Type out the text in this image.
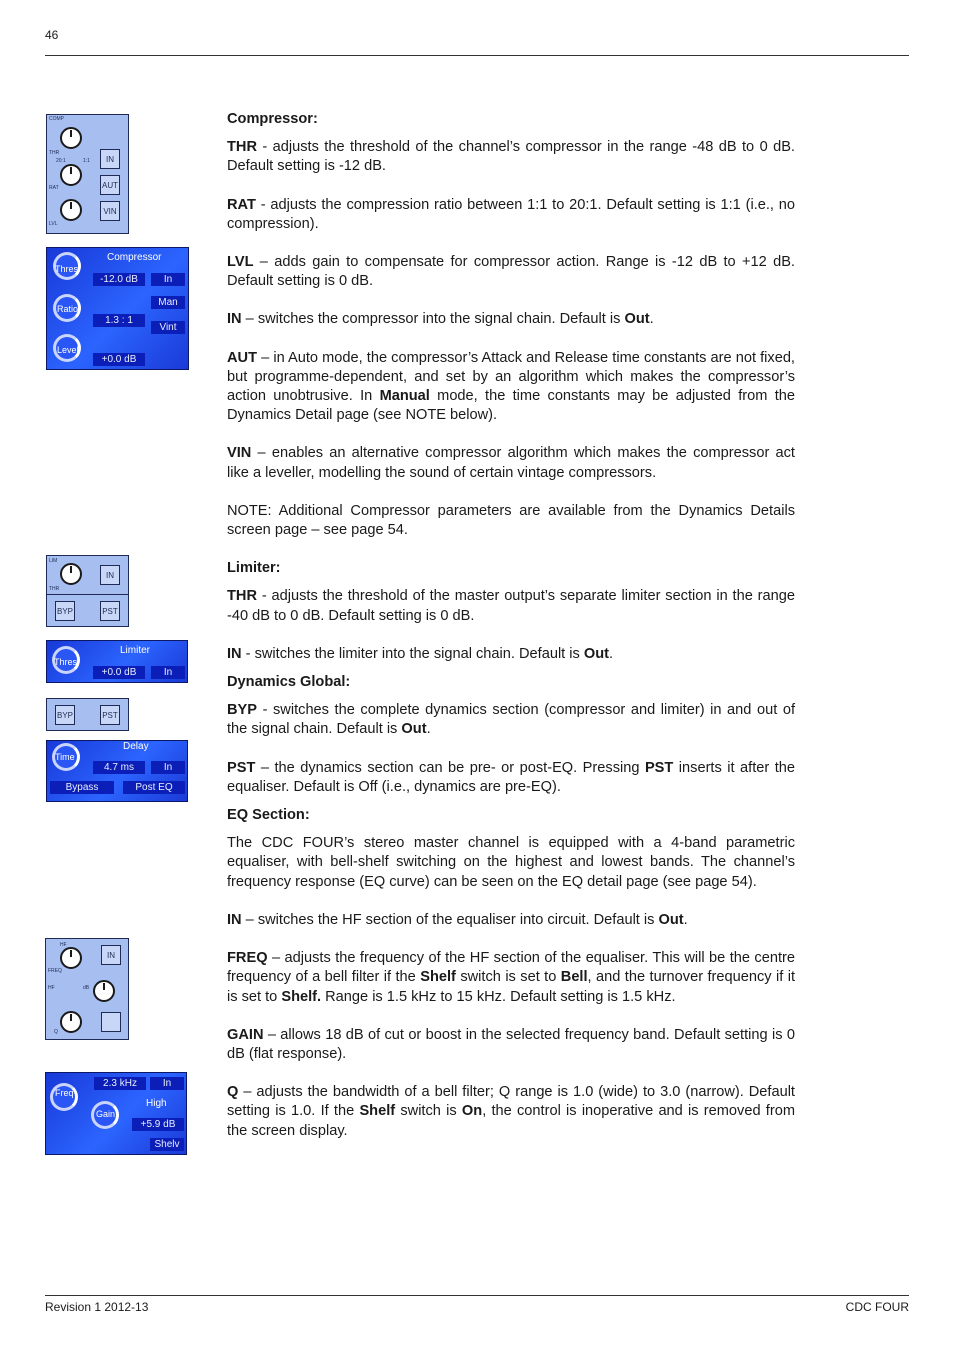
46
COMP
THR
20:1	1:1
RAT
LVL
IN
AUT
VIN
Compressor
Thres
-12.0 dB	In
Man
Ratio
1.3 : 1
Vint
Level
+0.0 dB
LIM
THR
IN
BYP	PST
Limiter
Thres
+0.0 dB	In
BYP	PST
Delay
Time
4.7 ms	In
Bypass	Post EQ
HF
FREQ
HF	dB
Q
IN
2.3 kHz	In
Freq
Gain
High
+5.9 dB
Shelv
Compressor:

THR - adjusts the threshold of the channel’s compressor in the range -48 dB to 0 dB. Default setting is -12 dB.

RAT - adjusts the compression ratio between 1:1 to 20:1. Default setting is 1:1 (i.e., no compression).

LVL – adds gain to compensate for compressor action. Range is -12 dB to +12 dB. Default setting is 0 dB.

IN – switches the compressor into the signal chain. Default is Out.

AUT – in Auto mode, the compressor’s Attack and Release time constants are not fixed, but programme-dependent, and set by an algorithm which makes the compressor’s action unobtrusive. In Manual mode, the time constants may be adjusted from the Dynamics Detail page (see NOTE below).

VIN – enables an alternative compressor algorithm which makes the compressor act like a leveller, modelling the sound of certain vintage compressors.

NOTE: Additional Compressor parameters are available from the Dynamics Details screen page – see page 54.

Limiter:

THR - adjusts the threshold of the master output’s separate limiter section in the range -40 dB to 0 dB. Default setting is 0 dB.

IN - switches the limiter into the signal chain. Default is Out.

Dynamics Global:

BYP - switches the complete dynamics section (compressor and limiter) in and out of the signal chain. Default is Out.

PST – the dynamics section can be pre- or post-EQ. Pressing PST inserts it after the equaliser. Default is Off (i.e., dynamics are pre-EQ).

EQ Section:

The CDC FOUR’s stereo master channel is equipped with a 4-band parametric equaliser, with bell-shelf switching on the highest and lowest bands. The channel’s frequency response (EQ curve) can be seen on the EQ detail page (see page 54).

IN – switches the HF section of the equaliser into circuit. Default is Out.

FREQ – adjusts the frequency of the HF section of the equaliser. This will be the centre frequency of a bell filter if the Shelf switch is set to Bell, and the turnover frequency if it is set to Shelf. Range is 1.5 kHz to 15 kHz. Default setting is 1.5 kHz.

GAIN – allows 18 dB of cut or boost in the selected frequency band. Default setting is 0 dB (flat response).

Q – adjusts the bandwidth of a bell filter; Q range is 1.0 (wide) to 3.0 (narrow). Default setting is 1.0. If the Shelf switch is On, the control is inoperative and is removed from the screen display.

Revision 1 2012-13	CDC FOUR
